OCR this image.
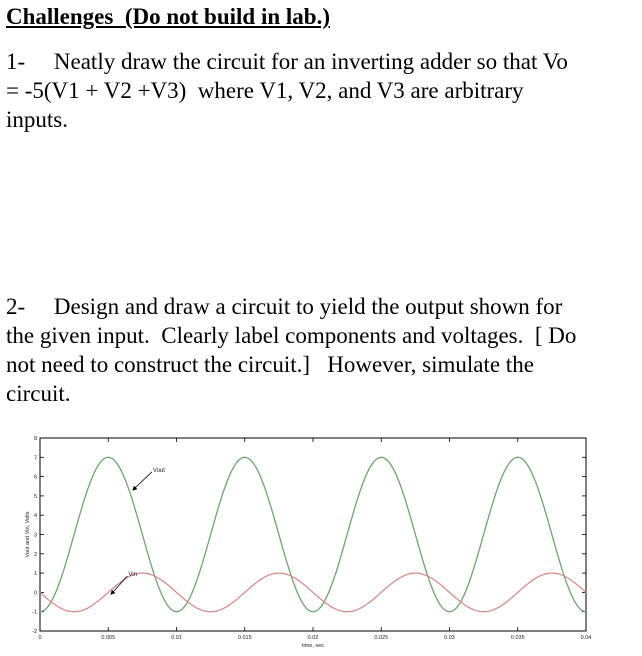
Challenges  (Do not build in lab.)
1-     Neatly draw the circuit for an inverting adder so that Vo
= -5(V1 + V2 +V3)  where V1, V2, and V3 are arbitrary
inputs.
2-     Design and draw a circuit to yield the output shown for
the given input.  Clearly label components and voltages.  [ Do
not need to construct the circuit.]   However, simulate the
circuit.
0	0.005	0.01	0.015	0.02	0.025	0.03	0.035	0.04
-2
-1
0
1
2
3
4
5
6
7
8
time, sec
Vout and Vin, Volts
Vout
Vin
